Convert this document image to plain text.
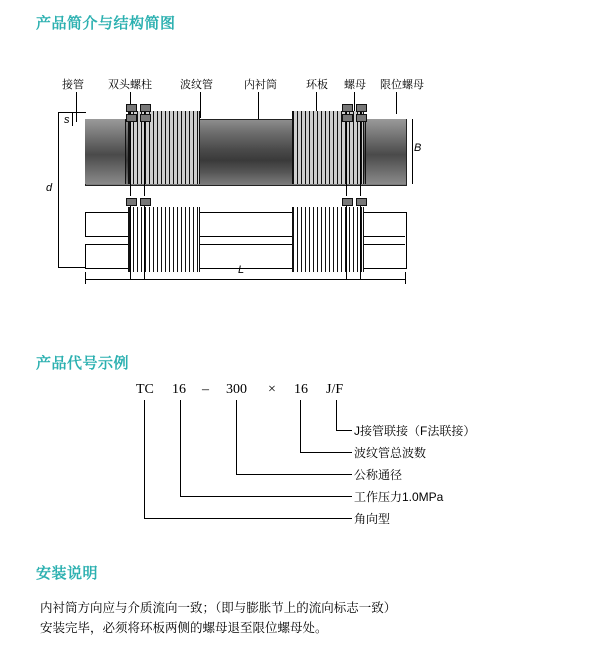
产品简介与结构简图
接管 双头螺柱	波纹管	内衬筒	环板 螺母 限位螺母
d
s
B
L
产品代号示例
TC 16 – 300 × 16 J/F
J接管联接（F法联接）
波纹管总波数
公称通径
工作压力1.0MPa
角向型
安装说明
内衬筒方向应与介质流向一致；（即与膨胀节上的流向标志一致）
安装完毕，必须将环板两侧的螺母退至限位螺母处。
